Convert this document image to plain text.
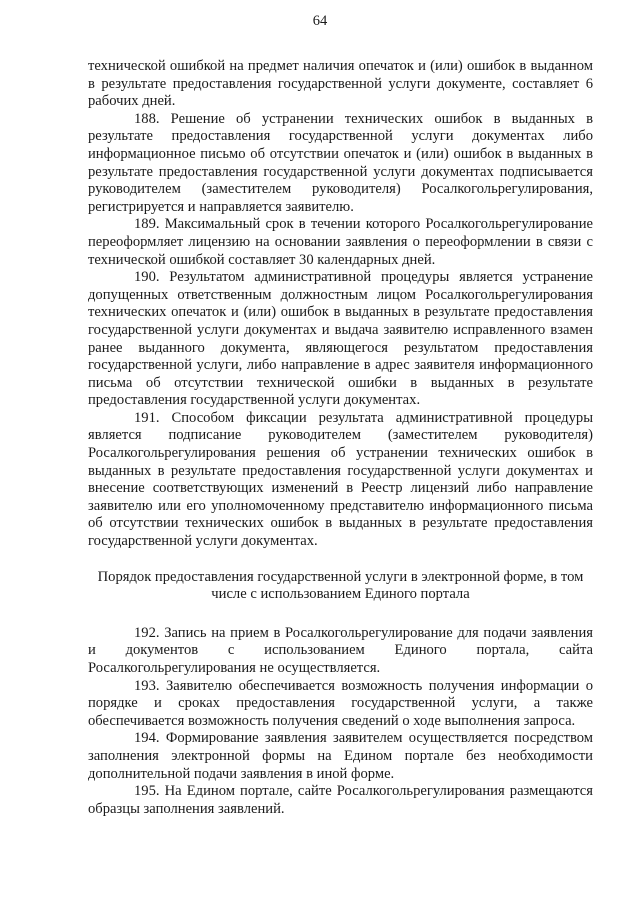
64

технической ошибкой на предмет наличия опечаток и (или) ошибок в выданном в результате предоставления государственной услуги документе, составляет 6 рабочих дней.

188. Решение об устранении технических ошибок в выданных в результате предоставления государственной услуги документах либо информационное письмо об отсутствии опечаток и (или) ошибок в выданных в результате предоставления государственной услуги документах подписывается руководителем (заместителем руководителя) Росалкогольрегулирования, регистрируется и направляется заявителю.

189. Максимальный срок в течении которого Росалкогольрегулирование переоформляет лицензию на основании заявления о переоформлении в связи с технической ошибкой составляет 30 календарных дней.

190. Результатом административной процедуры является устранение допущенных ответственным должностным лицом Росалкогольрегулирования технических опечаток и (или) ошибок в выданных в результате предоставления государственной услуги документах и выдача заявителю исправленного взамен ранее выданного документа, являющегося результатом предоставления государственной услуги, либо направление в адрес заявителя информационного письма об отсутствии технической ошибки в выданных в результате предоставления государственной услуги документах.

191. Способом фиксации результата административной процедуры является подписание руководителем (заместителем руководителя) Росалкогольрегулирования решения об устранении технических ошибок в выданных в результате предоставления государственной услуги документах и внесение соответствующих изменений в Реестр лицензий либо направление заявителю или его уполномоченному представителю информационного письма об отсутствии технических ошибок в выданных в результате предоставления государственной услуги документах.

Порядок предоставления государственной услуги в электронной форме, в том числе с использованием Единого портала

192. Запись на прием в Росалкогольрегулирование для подачи заявления и документов с использованием Единого портала, сайта Росалкогольрегулирования не осуществляется.

193. Заявителю обеспечивается возможность получения информации о порядке и сроках предоставления государственной услуги, а также обеспечивается возможность получения сведений о ходе выполнения запроса.

194. Формирование заявления заявителем осуществляется посредством заполнения электронной формы на Едином портале без необходимости дополнительной подачи заявления в иной форме.

195. На Едином портале, сайте Росалкогольрегулирования размещаются образцы заполнения заявлений.
